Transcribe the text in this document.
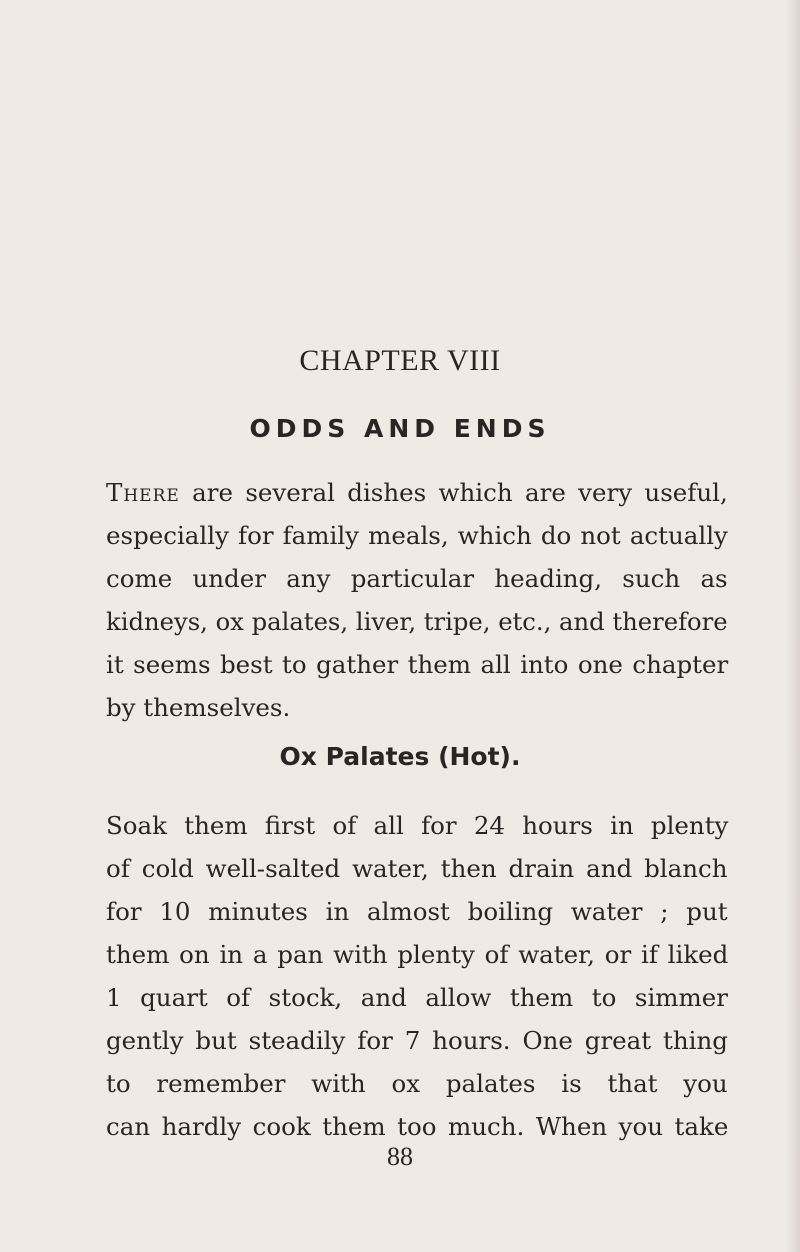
CHAPTER VIII
ODDS AND ENDS
There are several dishes which are very useful,
especially for family meals, which do not actually
come under any particular heading, such as
kidneys, ox palates, liver, tripe, etc., and therefore
it seems best to gather them all into one chapter
by themselves.
Ox Palates (Hot).
Soak them first of all for 24 hours in plenty
of cold well-salted water, then drain and blanch
for 10 minutes in almost boiling water ; put
them on in a pan with plenty of water, or if liked
1 quart of stock, and allow them to simmer
gently but steadily for 7 hours. One great thing
to remember with ox palates is that you
can hardly cook them too much. When you take
88
